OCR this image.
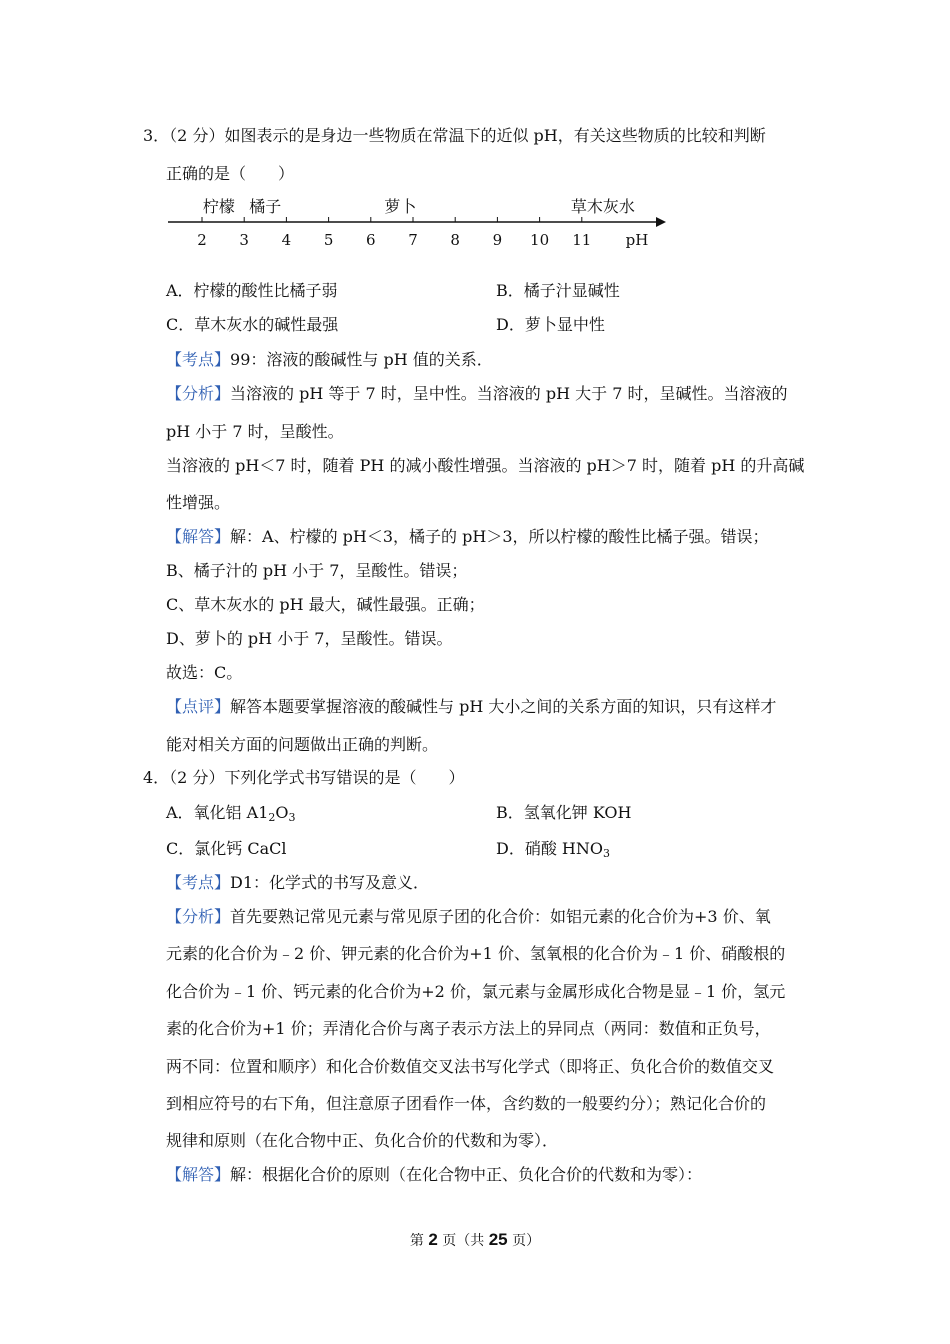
3．（2 分）如图表示的是身边一些物质在常温下的近似 pH，有关这些物质的比较和判断
正确的是（　　）
柠檬 橘子	萝卜	草木灰水
2 3 4 5 6 7 8 9 10 11 pH
A．柠檬的酸性比橘子弱	B．橘子汁显碱性
C．草木灰水的碱性最强	D．萝卜显中性
【考点】99：溶液的酸碱性与 pH 值的关系．
【分析】当溶液的 pH 等于 7 时，呈中性。当溶液的 pH 大于 7 时，呈碱性。当溶液的
pH 小于 7 时，呈酸性。
当溶液的 pH＜7 时，随着 PH 的减小酸性增强。当溶液的 pH＞7 时，随着 pH 的升高碱
性增强。
【解答】解：A、柠檬的 pH＜3，橘子的 pH＞3，所以柠檬的酸性比橘子强。错误；
B、橘子汁的 pH 小于 7，呈酸性。错误；
C、草木灰水的 pH 最大，碱性最强。正确；
D、萝卜的 pH 小于 7，呈酸性。错误。
故选：C。
【点评】解答本题要掌握溶液的酸碱性与 pH 大小之间的关系方面的知识，只有这样才
能对相关方面的问题做出正确的判断。
4．（2 分）下列化学式书写错误的是（　　）
A．氧化铝 $A1_2O_3$	B．氢氧化钾 KOH
C．氯化钙 CaCl	D．硝酸 $HNO_3$
【考点】D1：化学式的书写及意义．
【分析】首先要熟记常见元素与常见原子团的化合价：如铝元素的化合价为+3 价、氧
元素的化合价为﹣2 价、钾元素的化合价为+1 价、氢氧根的化合价为﹣1 价、硝酸根的
化合价为﹣1 价、钙元素的化合价为+2 价，氯元素与金属形成化合物是显﹣1 价，氢元
素的化合价为+1 价；弄清化合价与离子表示方法上的异同点（两同：数值和正负号，
两不同：位置和顺序）和化合价数值交叉法书写化学式（即将正、负化合价的数值交叉
到相应符号的右下角，但注意原子团看作一体，含约数的一般要约分）；熟记化合价的
规律和原则（在化合物中正、负化合价的代数和为零）．
【解答】解：根据化合价的原则（在化合物中正、负化合价的代数和为零）：
第 2 页（共 25 页）
